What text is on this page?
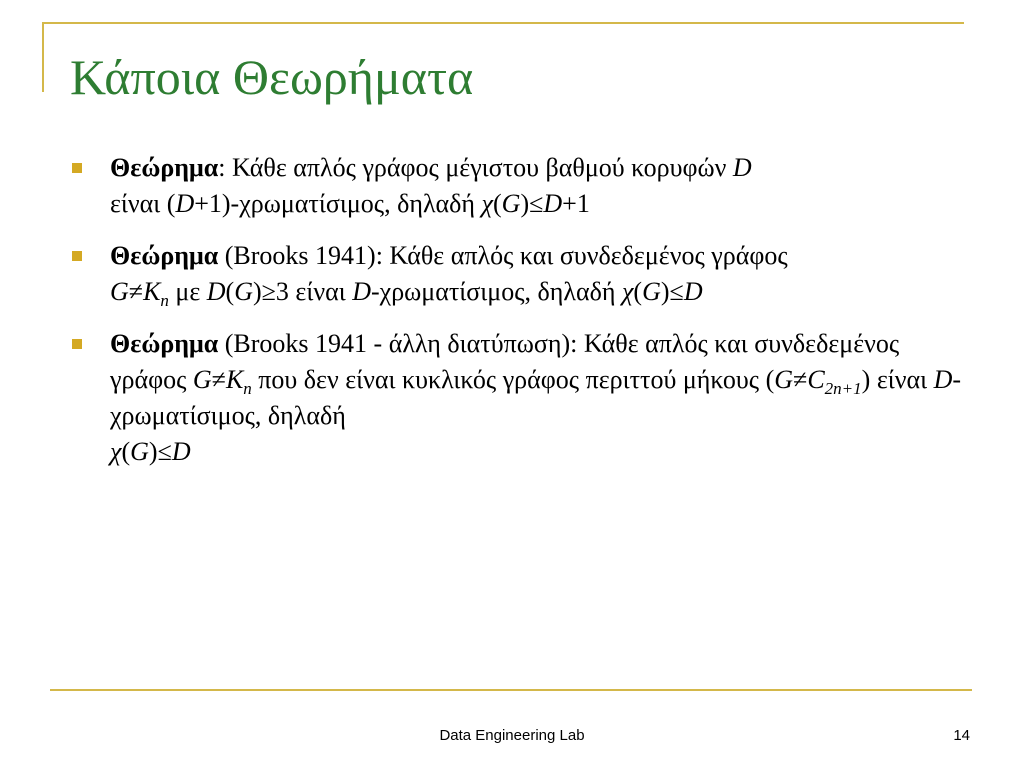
Κάποια Θεωρήματα
Θεώρημα: Κάθε απλός γράφος μέγιστου βαθμού κορυφών D
είναι (D+1)-χρωματίσιμος, δηλαδή χ(G)≤D+1
Θεώρημα (Brooks 1941): Κάθε απλός και συνδεδεμένος γράφος
$G\ne K_n$ με D(G)≥3 είναι D-χρωματίσιμος, δηλαδή χ(G)≤D
Θεώρημα (Brooks 1941 - άλλη διατύπωση): Κάθε απλός και συνδεδεμένος γράφος $G\ne K_n$ που δεν είναι κυκλικός γράφος περιττού μήκους $(G\ne C_{2n+1})$ είναι D-χρωματίσιμος, δηλαδή
χ(G)≤D
Data Engineering Lab	14
